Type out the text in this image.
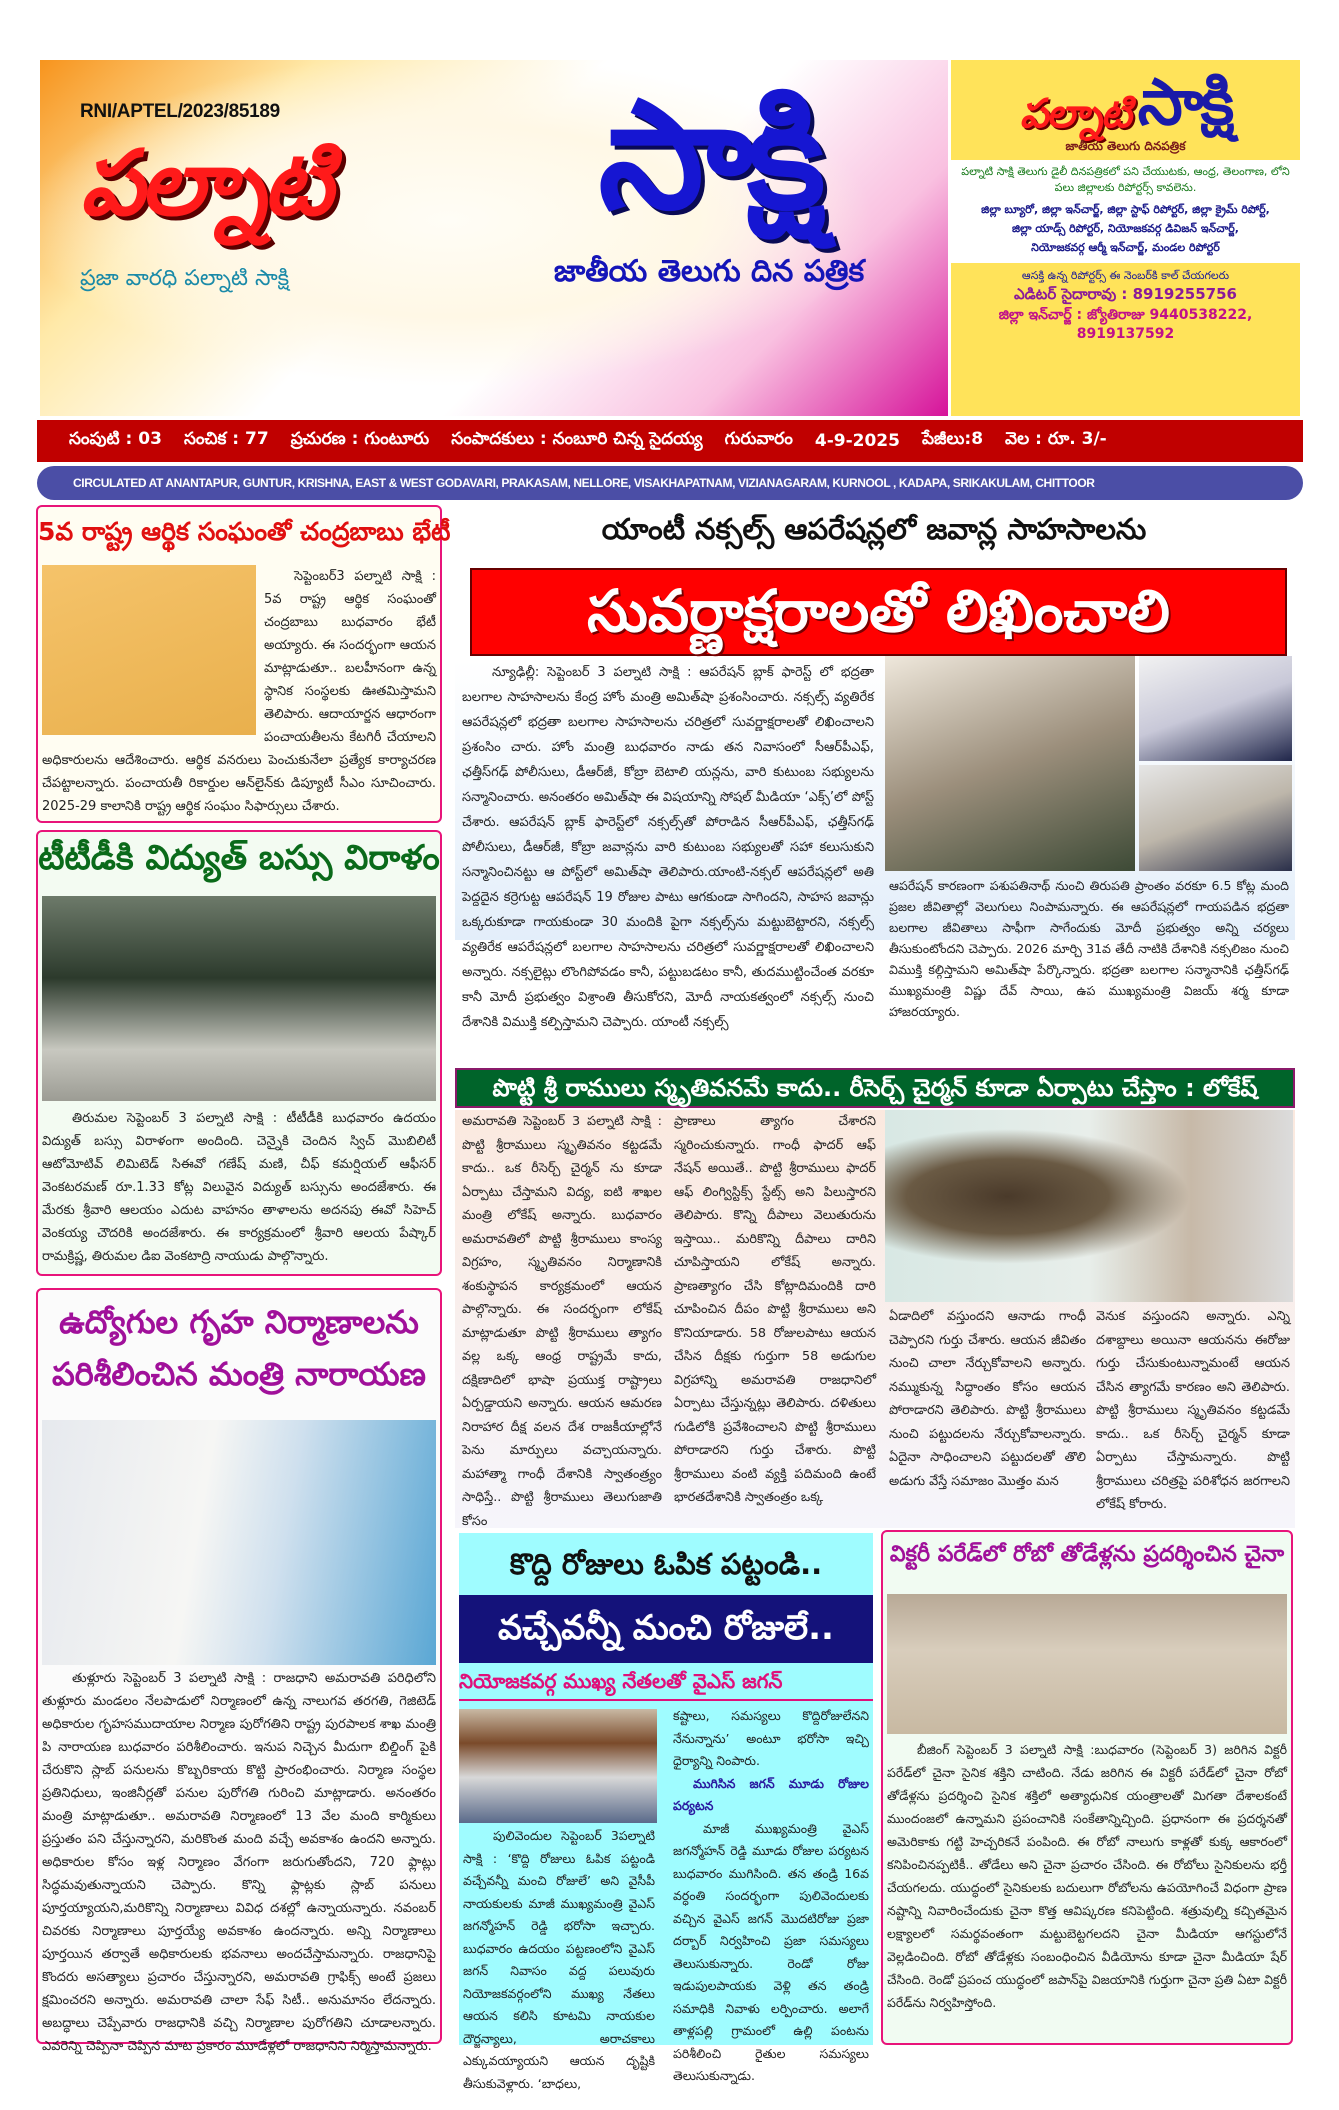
RNI/APTEL/2023/85189
పల్నాటి
ప్రజా వారధి పల్నాటి సాక్షి
సాక్షి
జాతీయ తెలుగు దిన పత్రిక
పల్నాటి సాక్షి
జాతీయ తెలుగు దినపత్రిక
పల్నాటి సాక్షి తెలుగు డైలీ దినపత్రికలో పని చేయుటకు, ఆంధ్ర, తెలంగాణ, లోని పలు జిల్లాలకు రిపోర్టర్స్ కావలెను.
జిల్లా బ్యూరో, జిల్లా ఇన్‌చార్జ్, జిల్లా స్టాఫ్ రిపోర్టర్, జిల్లా క్రైమ్ రిపోర్ట్,
జిల్లా యాడ్స్ రిపోర్టర్, నియోజకవర్గ డివిజన్ ఇన్‌చార్జ్,
నియోజకవర్గ ఆర్మీ ఇన్‌చార్జ్, మండల రిపోర్టర్
ఆసక్తి ఉన్న రిపోర్టర్స్ ఈ నెంబర్‌కి కాల్ చేయగలరు
ఎడిటర్ సైదారావు : 8919255756
జిల్లా ఇన్‌చార్జ్ : జ్యోతిరాజు 9440538222, 8919137592
సంపుటి : 03 సంచిక : 77 ప్రచురణ : గుంటూరు సంపాదకులు : నంబూరి చిన్న సైదయ్య గురువారం 4-9-2025 పేజీలు:8 వెల : రూ. 3/-
CIRCULATED AT ANANTAPUR, GUNTUR, KRISHNA, EAST & WEST GODAVARI, PRAKASAM, NELLORE, VISAKHAPATNAM, VIZIANAGARAM, KURNOOL , KADAPA, SRIKAKULAM, CHITTOOR
5వ రాష్ట్ర ఆర్థిక సంఘంతో చంద్రబాబు భేటీ
సెప్టెంబర్3 పల్నాటి సాక్షి : 5వ రాష్ట్ర ఆర్థిక సంఘంతో చంద్రబాబు బుధవారం భేటీ అయ్యారు. ఈ సందర్భంగా ఆయన మాట్లాడుతూ.. బలహీనంగా ఉన్న స్థానిక సంస్థలకు ఊతమిస్తామని తెలిపారు. ఆదాయార్జన ఆధారంగా పంచాయతీలను కేటగిరీ చేయాలని అధికారులను ఆదేశించారు. ఆర్థిక వనరులు పెంచుకునేలా ప్రత్యేక కార్యాచరణ చేపట్టాలన్నారు. పంచాయతీ రికార్డుల ఆన్‌లైన్‌కు డిప్యూటీ సీఎం సూచించారు. 2025-29 కాలానికి రాష్ట్ర ఆర్థిక సంఘం సిఫార్సులు చేశారు.
టీటీడీకి విద్యుత్ బస్సు విరాళం
తిరుమల సెప్టెంబర్ 3 పల్నాటి సాక్షి : టీటీడీకి బుధవారం ఉదయం విద్యుత్ బస్సు విరాళంగా అందింది. చెన్నైకి చెందిన స్విచ్ మొబిలిటీ ఆటోమోటివ్ లిమిటెడ్ సిఈవో గణేష్ మణి, చీఫ్ కమర్షియల్ ఆఫీసర్ వెంకటరమణ్ రూ.1.33 కోట్ల విలువైన విద్యుత్ బస్సును అందజేశారు. ఈ మేరకు శ్రీవారి ఆలయం ఎదుట వాహనం తాళాలను అదనపు ఈవో సిహెచ్ వెంకయ్య చౌదరికి అందజేశారు. ఈ కార్యక్రమంలో శ్రీవారి ఆలయ పేష్కార్ రామక్రిష్ణ, తిరుమల డిఐ వెంకటాద్రి నాయుడు పాల్గొన్నారు.
ఉద్యోగుల గృహ నిర్మాణాలను
పరిశీలించిన మంత్రి నారాయణ
తుళ్లూరు సెప్టెంబర్ 3 పల్నాటి సాక్షి : రాజధాని అమరావతి పరిధిలోని తుళ్లూరు మండలం నేలపాడులో నిర్మాణంలో ఉన్న నాలుగవ తరగతి, గెజిటెడ్ అధికారుల గృహసముదాయాల నిర్మాణ పురోగతిని రాష్ట్ర పురపాలక శాఖ మంత్రి పి నారాయణ బుధవారం పరిశీలించారు. ఇనుప నిచ్చెన మీదుగా బిల్డింగ్ పైకి చేరుకొని స్లాబ్ పనులను కొబ్బరికాయ కొట్టి ప్రారంభించారు. నిర్మాణ సంస్థల ప్రతినిధులు, ఇంజినీర్లతో పనుల పురోగతి గురించి మాట్లాడారు. అనంతరం మంత్రి మాట్లాడుతూ.. అమరావతి నిర్మాణంలో 13 వేల మంది కార్మికులు ప్రస్తుతం పని చేస్తున్నారని, మరికొంత మంది వచ్చే అవకాశం ఉందని అన్నారు. అధికారుల కోసం ఇళ్ల నిర్మాణం వేగంగా జరుగుతోందని, 720 ఫ్లాట్లు సిద్ధమవుతున్నాయని చెప్పారు. కొన్ని ఫ్లాట్లకు స్లాబ్ పనులు పూర్తయ్యాయని,మరికొన్ని నిర్మాణాలు వివిధ దశల్లో ఉన్నాయన్నారు. నవంబర్ చివరకు నిర్మాణాలు పూర్తయ్యే అవకాశం ఉందన్నారు. అన్ని నిర్మాణాలు పూర్తయిన తర్వాతే అధికారులకు భవనాలు అందచేస్తామన్నారు. రాజధానిపై కొందరు అసత్యాలు ప్రచారం చేస్తున్నారని, అమరావతి గ్రాఫిక్స్ అంటే ప్రజలు క్షమించరని అన్నారు. అమరావతి చాలా సేఫ్ సిటీ.. అనుమానం లేదన్నారు. అబద్ధాలు చెప్పేవారు రాజధానికి వచ్చి నిర్మాణాల పురోగతిని చూడాలన్నారు. ఎవరెన్ని చెప్పినా చెప్పిన మాట ప్రకారం మూడేళ్లలో రాజధానిని నిర్మిస్తామన్నారు.
యాంటీ నక్సల్స్ ఆపరేషన్లలో జవాన్ల సాహసాలను
సువర్ణాక్షరాలతో లిఖించాలి
న్యూఢిల్లీ: సెప్టెంబర్ 3 పల్నాటి సాక్షి : ఆపరేషన్ బ్లాక్ ఫారెస్ట్ లో భద్రతా బలగాల సాహసాలను కేంద్ర హోం మంత్రి అమిత్‌షా ప్రశంసించారు. నక్సల్స్ వ్యతిరేక ఆపరేషన్లలో భద్రతా బలగాల సాహసాలను చరిత్రలో సువర్ణాక్షరాలతో లిఖించాలని ప్రశంసిం చారు. హోం మంత్రి బుధవారం నాడు తన నివాసంలో సీఆర్‌పీఎఫ్, ఛత్తీస్‌గఢ్ పోలీసులు, డీఆర్‌జీ, కోబ్రా బెటాలి యన్లను, వారి కుటుంబ సభ్యులను సన్మానించారు. అనంతరం అమిత్‌షా ఈ విషయాన్ని సోషల్ మీడియా ‘ఎక్స్’లో పోస్ట్ చేశారు. ఆపరేషన్ బ్లాక్ ఫారెస్ట్‌లో నక్సల్స్‌తో పోరాడిన సీఆర్‌పీఎఫ్, ఛత్తీస్‌గఢ్ పోలీసులు, డీఆర్‌జీ, కోబ్రా జవాన్లను వారి కుటుంబ సభ్యులతో సహా కలుసుకుని సన్మానించినట్టు ఆ పోస్ట్‌లో అమిత్‌షా తెలిపారు.యాంటి-నక్సల్ ఆపరేషన్లలో అతి పెద్దదైన కర్రెగుట్ట ఆపరేషన్ 19 రోజుల పాటు ఆగకుండా సాగిందని, సాహస జవాన్లు ఒక్కరుకూడా గాయకుండా 30 మందికి పైగా నక్సల్స్‌ను మట్టుబెట్టారని, నక్సల్స్ వ్యతిరేక ఆపరేషన్లలో బలగాల సాహసాలను చరిత్రలో సువర్ణాక్షరాలతో లిఖించాలని అన్నారు. నక్సలైట్లు లొంగిపోవడం కానీ, పట్టుబడటం కానీ, తుదముట్టించేంత వరకూ కానీ మోదీ ప్రభుత్వం విశ్రాంతి తీసుకోరని, మోదీ నాయకత్వంలో నక్సల్స్ నుంచి దేశానికి విముక్తి కల్పిస్తామని చెప్పారు. యాంటీ నక్సల్స్
ఆపరేషన్ కారణంగా పశుపతినాథ్ నుంచి తిరుపతి ప్రాంతం వరకూ 6.5 కోట్ల మంది ప్రజల జీవితాల్లో వెలుగులు నింపామన్నారు. ఈ ఆపరేషన్లలో గాయపడిన భద్రతా బలగాల జీవితాలు సాఫీగా సాగేందుకు మోదీ ప్రభుత్వం అన్ని చర్యలు తీసుకుంటోందని చెప్పారు. 2026 మార్చి 31వ తేదీ నాటికి దేశానికి నక్సలిజం నుంచి విముక్తి కల్గిస్తామని అమిత్‌షా పేర్కొన్నారు. భద్రతా బలగాల సన్మానానికి ఛత్తీస్‌గఢ్ ముఖ్యమంత్రి విష్ణు దేవ్ సాయి, ఉప ముఖ్యమంత్రి విజయ్ శర్మ కూడా హాజరయ్యారు.
పొట్టి శ్రీ రాములు స్మృతివనమే కాదు.. రీసెర్చ్ చైర్మన్ కూడా ఏర్పాటు చేస్తాం : లోకేష్
అమరావతి సెప్టెంబర్ 3 పల్నాటి సాక్షి : పొట్టి శ్రీరాములు స్మృతివనం కట్టడమే కాదు.. ఒక రీసెర్చ్ చైర్మన్ ను కూడా ఏర్పాటు చేస్తామని విద్య, ఐటి శాఖల మంత్రి లోకేష్ అన్నారు. బుధవారం అమరావతిలో పొట్టి శ్రీరాములు కాంస్య విగ్రహం, స్మృతివనం నిర్మాణానికి శంకుస్థాపన కార్యక్రమంలో ఆయన పాల్గొన్నారు. ఈ సందర్భంగా లోకేష్ మాట్లాడుతూ పొట్టి శ్రీరాములు త్యాగం వల్ల ఒక్క ఆంధ్ర రాష్ట్రమే కాదు, దక్షిణాదిలో భాషా ప్రయుక్త రాష్ట్రాలు ఏర్పడ్డాయని అన్నారు. ఆయన ఆమరణ నిరాహార దీక్ష వలన దేశ రాజకీయాల్లోనే పెను మార్పులు వచ్చాయన్నారు. మహాత్మా గాంధీ దేశానికి స్వాతంత్ర్యం సాధిస్తే.. పొట్టి శ్రీరాములు తెలుగుజాతి కోసం
ప్రాణాలు త్యాగం చేశారని స్మరించుకున్నారు. గాంధీ ఫాదర్ ఆఫ్ నేషన్ అయితే.. పొట్టి శ్రీరాములు ఫాదర్ ఆఫ్ లింగ్విస్టిక్స్ స్టేట్స్ అని పిలుస్తారని తెలిపారు. కొన్ని దీపాలు వెలుతురును ఇస్తాయి.. మరికొన్ని దీపాలు దారిని చూపిస్తాయని లోకేష్ అన్నారు. ప్రాణత్యాగం చేసి కోట్లాదిమందికి దారి చూపించిన దీపం పొట్టి శ్రీరాములు అని కొనియాడారు. 58 రోజులపాటు ఆయన చేసిన దీక్షకు గుర్తుగా 58 అడుగుల విగ్రహాన్ని అమరావతి రాజధానిలో ఏర్పాటు చేస్తున్నట్లు తెలిపారు. దళితులు గుడిలోకి ప్రవేశించాలని పొట్టి శ్రీరాములు పోరాడారని గుర్తు చేశారు. పొట్టి శ్రీరాములు వంటి వ్యక్తి పదిమంది ఉంటే భారతదేశానికి స్వాతంత్రం ఒక్క
ఏడాదిలో వస్తుందని ఆనాడు గాంధీ చెప్పారని గుర్తు చేశారు. ఆయన జీవితం నుంచి చాలా నేర్చుకోవాలని అన్నారు. నమ్ముకున్న సిద్ధాంతం కోసం ఆయన పోరాడారని తెలిపారు. పొట్టి శ్రీరాములు నుంచి పట్టుదలను నేర్చుకోవాలన్నారు. ఏదైనా సాధించాలని పట్టుదలతో తొలి అడుగు వేస్తే సమాజం మొత్తం మన
వెనుక వస్తుందని అన్నారు. ఎన్ని దశాబ్దాలు అయినా ఆయనను ఈరోజు గుర్తు చేసుకుంటున్నామంటే ఆయన చేసిన త్యాగమే కారణం అని తెలిపారు. పొట్టి శ్రీరాములు స్మృతివనం కట్టడమే కాదు.. ఒక రీసెర్చ్ చైర్మన్ కూడా ఏర్పాటు చేస్తామన్నారు. పొట్టి శ్రీరాములు చరిత్రపై పరిశోధన జరగాలని లోకేష్ కోరారు.
కొద్ది రోజులు ఓపిక పట్టండి..
వచ్చేవన్నీ మంచి రోజులే..
నియోజకవర్గ ముఖ్య నేతలతో వైఎస్ జగన్
పులివెందుల సెప్టెంబర్ 3పల్నాటి సాక్షి : ‘కొద్ది రోజులు ఓపిక పట్టండి వచ్చేవన్నీ మంచి రోజులే’ అని వైసీపీ నాయకులకు మాజీ ముఖ్యమంత్రి వైఎస్ జగన్మోహన్ రెడ్డి భరోసా ఇచ్చారు. బుధవారం ఉదయం పట్టణంలోని వైఎస్ జగన్ నివాసం వద్ద పలువురు నియోజకవర్గంలోని ముఖ్య నేతలు ఆయన కలిసి కూటమి నాయకుల దౌర్జన్యాలు, అరాచకాలు ఎక్కువయ్యాయని ఆయన దృష్టికి తీసుకువెళ్లారు. ‘బాధలు,
కష్టాలు, సమస్యలు కొద్దిరోజులేనని నేనున్నాను’ అంటూ భరోసా ఇచ్చి ధైర్యాన్ని నింపారు.
ముగిసిన జగన్ మూడు రోజుల పర్యటన
మాజీ ముఖ్యమంత్రి వైఎస్ జగన్మోహన్ రెడ్డి మూడు రోజుల పర్యటన బుధవారం ముగిసింది. తన తండ్రి 16వ వర్ధంతి సందర్భంగా పులివెందులకు వచ్చిన వైఎస్ జగన్ మొదటిరోజు ప్రజా దర్బార్ నిర్వహించి ప్రజా సమస్యలు తెలుసుకున్నారు. రెండో రోజు ఇడుపులపాయకు వెళ్లి తన తండ్రి సమాధికి నివాళు లర్పించారు. అలాగే తాళ్లపల్లి గ్రామంలో ఉల్లి పంటను పరిశీలించి రైతుల సమస్యలు తెలుసుకున్నాడు.
విక్టరీ పరేడ్‌లో రోబో తోడేళ్లను ప్రదర్శించిన చైనా
బీజింగ్ సెప్టెంబర్ 3 పల్నాటి సాక్షి :బుధవారం (సెప్టెంబర్ 3) జరిగిన విక్టరీ పరేడ్‌లో చైనా సైనిక శక్తిని చాటింది. నేడు జరిగిన ఈ విక్టరీ పరేడ్‌లో చైనా రోబో తోడేళ్లను ప్రదర్శించి సైనిక శక్తిలో అత్యాధునిక యంత్రాలతో మిగతా దేశాలకంటే ముందంజలో ఉన్నామని ప్రపంచానికి సంకేతాన్నిచ్చింది. ప్రధానంగా ఈ ప్రదర్శనతో అమెరికాకు గట్టి హెచ్చరికనే పంపింది. ఈ రోబో నాలుగు కాళ్లతో కుక్క ఆకారంలో కనిపించినప్పటికీ.. తోడేలు అని చైనా ప్రచారం చేసింది. ఈ రోబోలు సైనికులను భర్తీ చేయగలదు. యుద్ధంలో సైనికులకు బదులుగా రోబోలను ఉపయోగించే విధంగా ప్రాణ నష్టాన్ని నివారించేందుకు చైనా కొత్త ఆవిష్కరణ కనిపెట్టింది. శత్రువుల్ని కచ్చితమైన లక్ష్యాలలో సమర్థవంతంగా మట్టుబెట్టగలదని చైనా మీడియా ఆగస్టులోనే వెల్లడించింది. రోబో తోడేళ్లకు సంబంధించిన వీడియోను కూడా చైనా మీడియా షేర్ చేసింది. రెండో ప్రపంచ యుద్ధంలో జపాన్‌పై విజయానికి గుర్తుగా చైనా ప్రతి ఏటా విక్టరీ పరేడ్‌ను నిర్వహిస్తోంది.
